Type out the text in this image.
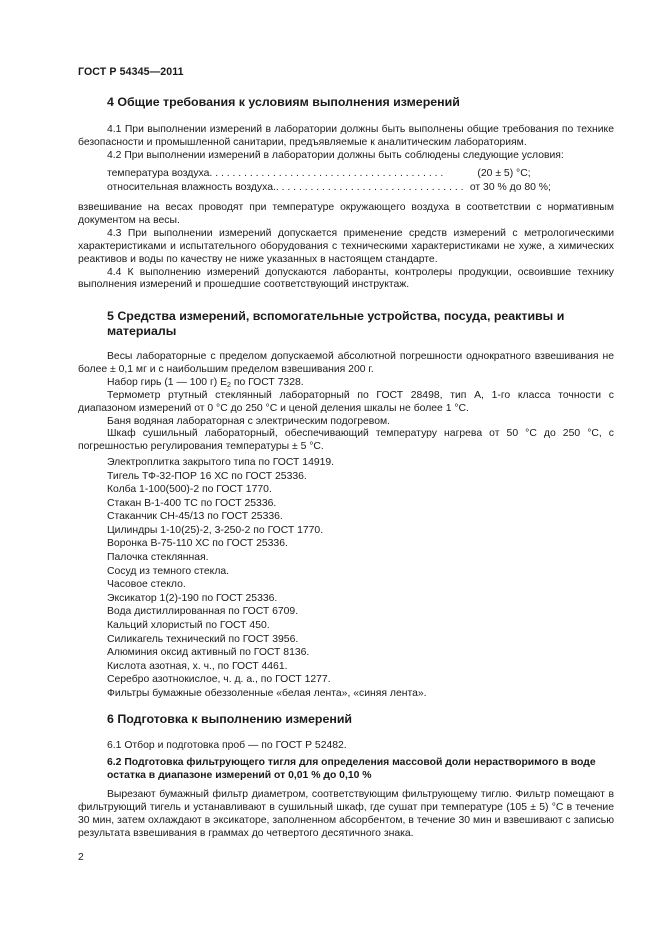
ГОСТ Р 54345—2011
4 Общие требования к условиям выполнения измерений

4.1 При выполнении измерений в лаборатории должны быть выполнены общие требования по технике безопасности и промышленной санитарии, предъявляемые к аналитическим лабораториям.

4.2 При выполнении измерений в лаборатории должны быть соблюдены следующие условия:

температура воздуха. . . . . . . . . . . . . . . . . . . . . . . . . . . . . . . . . . . . . . . . .	(20 ± 5) °С;
относительная влажность воздуха.. . . . . . . . . . . . . . . . . . . . . . . . . . . . . . . . .от 30 % до 80 %;

взвешивание на весах проводят при температуре окружающего воздуха в соответствии с нормативным документом на весы.

4.3 При выполнении измерений допускается применение средств измерений с метрологическими характеристиками и испытательного оборудования с техническими характеристиками не хуже, а химических реактивов и воды по качеству не ниже указанных в настоящем стандарте.

4.4 К выполнению измерений допускаются лаборанты, контролеры продукции, освоившие технику выполнения измерений и прошедшие соответствующий инструктаж.

5 Средства измерений, вспомогательные устройства, посуда, реактивы и материалы

Весы лабораторные с пределом допускаемой абсолютной погрешности однократного взвешивания не более ± 0,1 мг и с наибольшим пределом взвешивания 200 г.

Набор гирь (1 — 100 г) $Е_2$ по ГОСТ 7328.

Термометр ртутный стеклянный лабораторный по ГОСТ 28498, тип А, 1-го класса точности с диапазоном измерений от 0 °С до 250 °С и ценой деления шкалы не более 1 °С.

Баня водяная лабораторная с электрическим подогревом.

Шкаф сушильный лабораторный, обеспечивающий температуру нагрева от 50 °С до 250 °С, с погрешностью регулирования температуры ± 5 °С.

Электроплитка закрытого типа по ГОСТ 14919.
Тигель ТФ-32-ПОР 16 ХС по ГОСТ 25336.
Колба 1-100(500)-2 по ГОСТ 1770.
Стакан В-1-400 ТС по ГОСТ 25336.
Стаканчик СН-45/13 по ГОСТ 25336.
Цилиндры 1-10(25)-2, 3-250-2 по ГОСТ 1770.
Воронка В-75-110 ХС по ГОСТ 25336.
Палочка стеклянная.
Сосуд из темного стекла.
Часовое стекло.
Эксикатор 1(2)-190 по ГОСТ 25336.
Вода дистиллированная по ГОСТ 6709.
Кальций хлористый по ГОСТ 450.
Силикагель технический по ГОСТ 3956.
Алюминия оксид активный по ГОСТ 8136.
Кислота азотная, х. ч., по ГОСТ 4461.
Серебро азотнокислое, ч. д. а., по ГОСТ 1277.
Фильтры бумажные обеззоленные «белая лента», «синяя лента».
6 Подготовка к выполнению измерений

6.1 Отбор и подготовка проб — по ГОСТ Р 52482.

6.2 Подготовка фильтрующего тигля для определения массовой доли нерастворимого в воде остатка в диапазоне измерений от 0,01 % до 0,10 %

Вырезают бумажный фильтр диаметром, соответствующим фильтрующему тиглю. Фильтр помещают в фильтрующий тигель и устанавливают в сушильный шкаф, где сушат при температуре (105 ± 5) °С в течение 30 мин, затем охлаждают в эксикаторе, заполненном абсорбентом, в течение 30 мин и взвешивают с записью результата взвешивания в граммах до четвертого десятичного знака.

2
